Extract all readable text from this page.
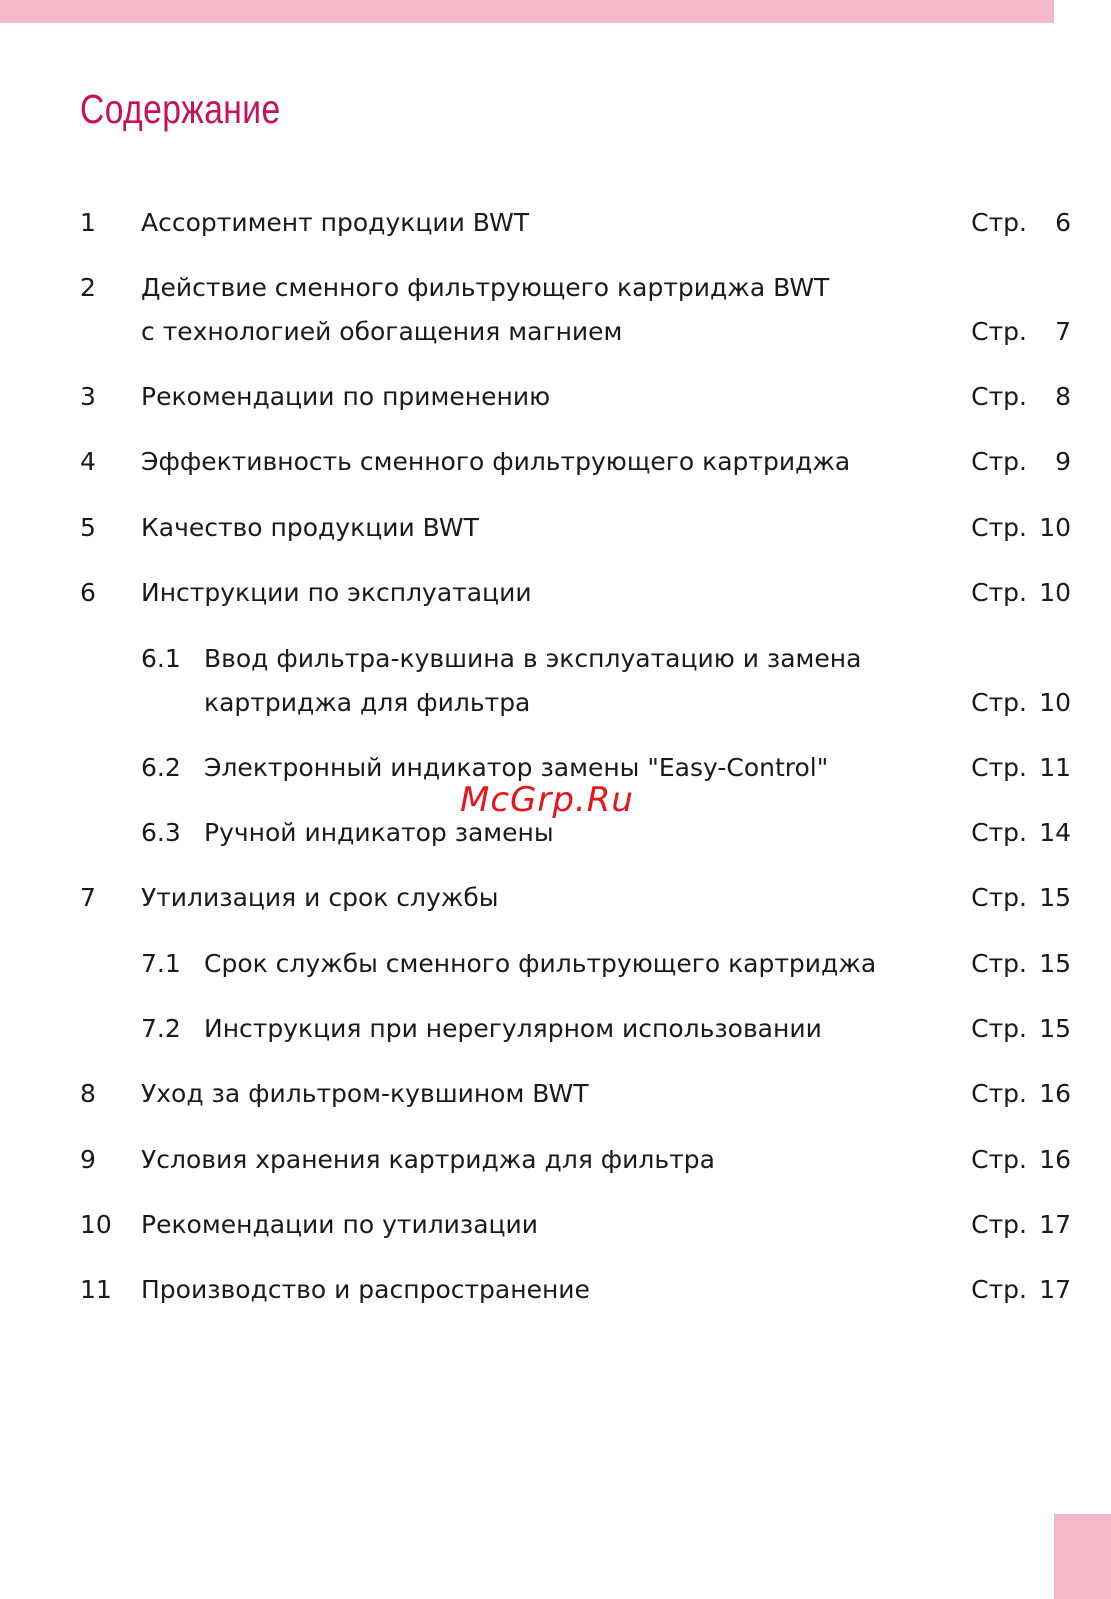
Содержание
1 Ассортимент продукции BWT	Стр. 6
2 Действие сменного фильтрующего картриджа BWT
с технологией обогащения магнием	Стр. 7
3 Рекомендации по применению	Стр. 8
4 Эффективность сменного фильтрующего картриджа	Стр. 9
5 Качество продукции BWT	Стр. 10
6 Инструкции по эксплуатации	Стр. 10
6.1 Ввод фильтра-кувшина в эксплуатацию и замена
картриджа для фильтра	Стр. 10
6.2 Электронный индикатор замены "Easy-Control"	Стр. 11
6.3 Ручной индикатор замены	Стр. 14
7 Утилизация и срок службы	Стр. 15
7.1 Срок службы сменного фильтрующего картриджа	Стр. 15
7.2 Инструкция при нерегулярном использовании	Стр. 15
8 Уход за фильтром-кувшином BWT	Стр. 16
9 Условия хранения картриджа для фильтра	Стр. 16
10 Рекомендации по утилизации	Стр. 17
11 Производство и распространение	Стр. 17
McGrp.Ru
